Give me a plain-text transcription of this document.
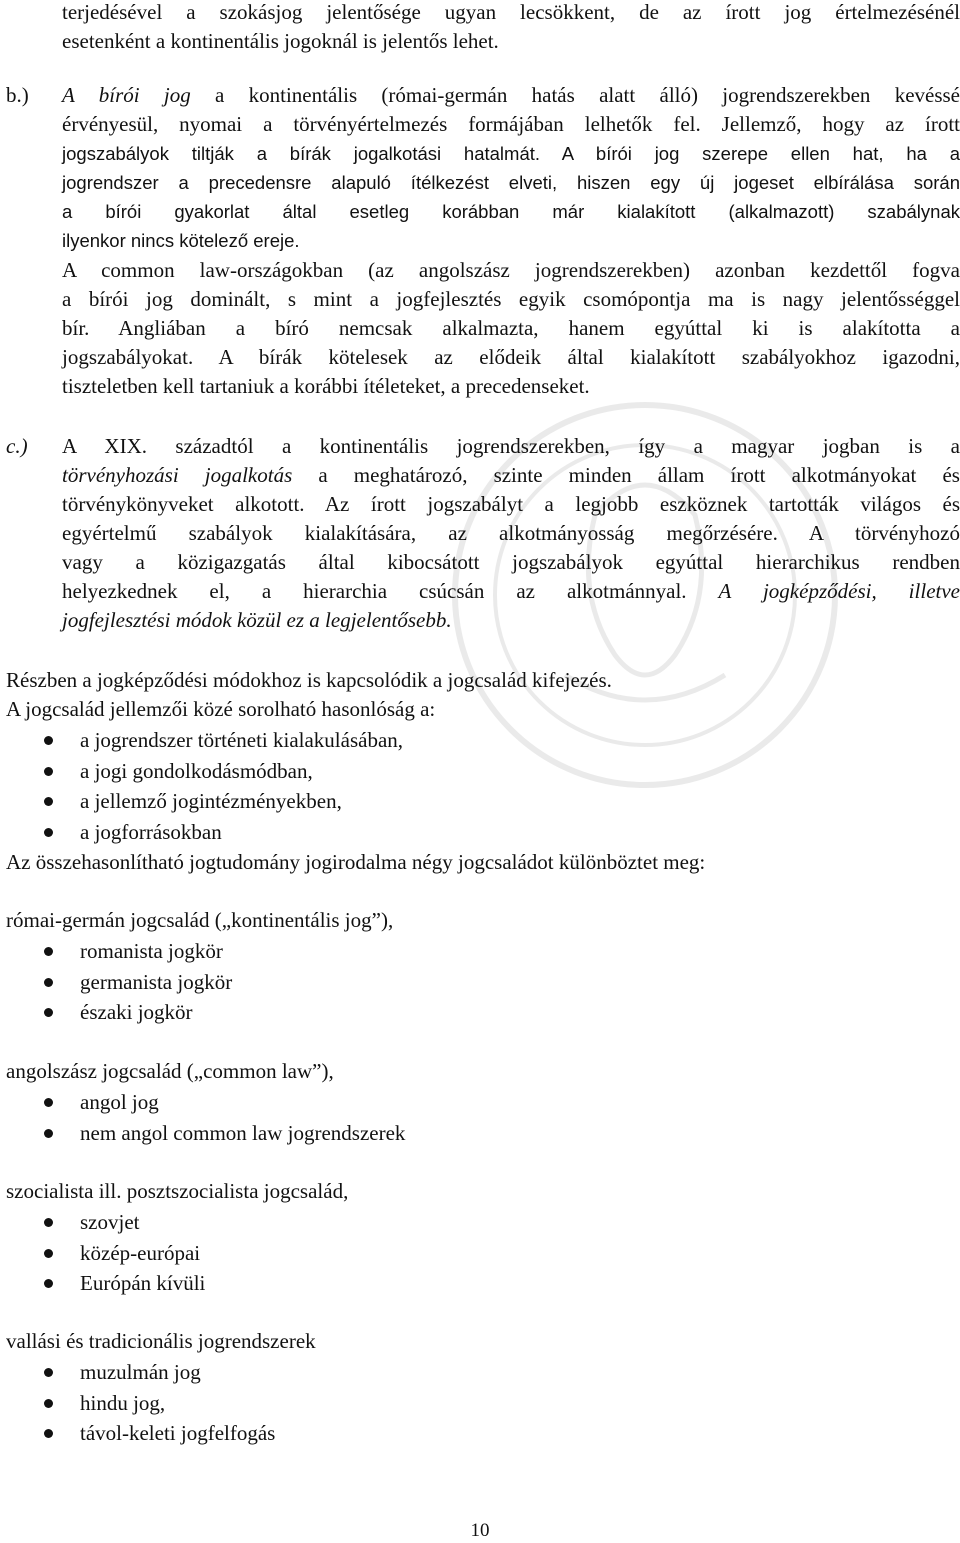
terjedésével a szokásjog jelentősége ugyan lecsökkent, de az írott jog értelmezésénél
esetenként a kontinentális jogoknál is jelentős lehet.
b.) A bírói jog a kontinentális (római-germán hatás alatt álló) jogrendszerekben kevéssé
érvényesül, nyomai a törvényértelmezés formájában lelhetők fel. Jellemző, hogy az írott
jogszabályok tiltják a bírák jogalkotási hatalmát. A bírói jog szerepe ellen hat, ha a
jogrendszer a precedensre alapuló ítélkezést elveti, hiszen egy új jogeset elbírálása során
a bírói gyakorlat által esetleg korábban már kialakított (alkalmazott) szabálynak
ilyenkor nincs kötelező ereje.
A common law-országokban (az angolszász jogrendszerekben) azonban kezdettől fogva
a bírói jog dominált, s mint a jogfejlesztés egyik csomópontja ma is nagy jelentősséggel
bír. Angliában a bíró nemcsak alkalmazta, hanem egyúttal ki is alakította a
jogszabályokat. A bírák kötelesek az elődeik által kialakított szabályokhoz igazodni,
tiszteletben kell tartaniuk a korábbi ítéleteket, a precedenseket.
c.) A XIX. századtól a kontinentális jogrendszerekben, így a magyar jogban is a
törvényhozási jogalkotás a meghatározó, szinte minden állam írott alkotmányokat és
törvénykönyveket alkotott. Az írott jogszabályt a legjobb eszköznek tartották világos és
egyértelmű szabályok kialakítására, az alkotmányosság megőrzésére. A törvényhozó
vagy a közigazgatás által kibocsátott jogszabályok egyúttal hierarchikus rendben
helyezkednek el, a hierarchia csúcsán az alkotmánnyal. A jogképződési, illetve
jogfejlesztési módok közül ez a legjelentősebb.
Részben a jogképződési módokhoz is kapcsolódik a jogcsalád kifejezés.
A jogcsalád jellemzői közé sorolható hasonlóság a:
a jogrendszer történeti kialakulásában,
a jogi gondolkodásmódban,
a jellemző jogintézményekben,
a jogforrásokban
Az összehasonlítható jogtudomány jogirodalma négy jogcsaládot különböztet meg:
római-germán jogcsalád („kontinentális jog”),
romanista jogkör
germanista jogkör
északi jogkör
angolszász jogcsalád („common law”),
angol jog
nem angol common law jogrendszerek
szocialista ill. posztszocialista jogcsalád,
szovjet
közép-európai
Európán kívüli
vallási és tradicionális jogrendszerek
muzulmán jog
hindu jog,
távol-keleti jogfelfogás
10
